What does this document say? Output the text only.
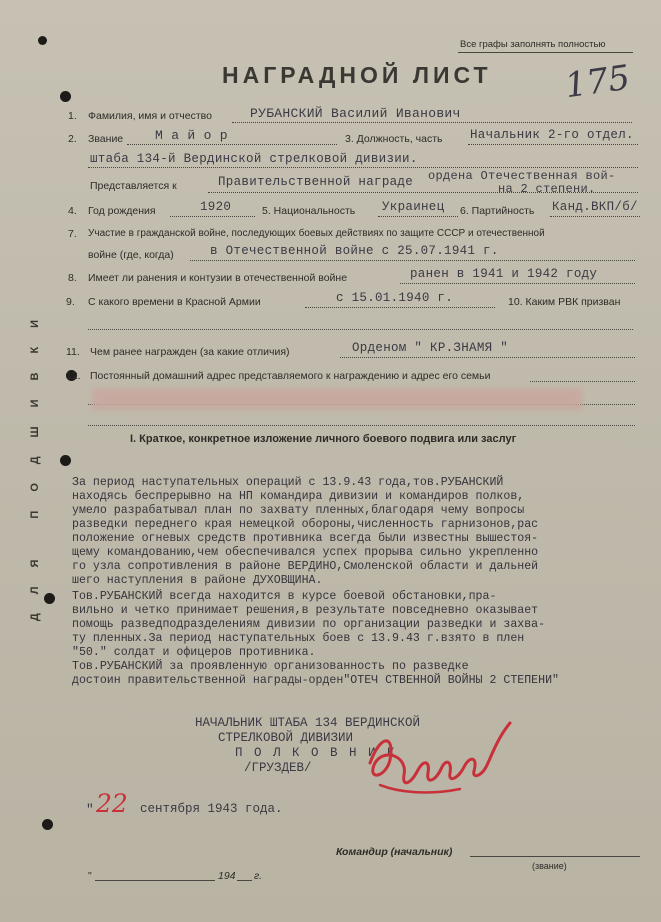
ДЛЯ ПОДШИВКИ
Все графы заполнять полностью
175
НАГРАДНОЙ ЛИСТ
1. Фамилия, имя и отчество	РУБАНСКИЙ Василий Иванович
2. Звание М а й о р	3. Должность, часть Начальник 2-го отдел.
штаба 134-й Вердинской стрелковой дивизии.
Представляется к	Правительственной награде ордена Отечественная вой-
на 2 степени.
4. Год рождения	1920	5. Национальность Украинец 6. Партийность Канд.ВКП/б/
7. Участие в гражданской войне, последующих боевых действиях по защите СССР и отечественной
войне (где, когда)	в Отечественной войне с 25.07.1941 г.
8. Имеет ли ранения и контузии в отечественной войне	ранен в 1941 и 1942 году
9. С какого времени в Красной Армии	с 15.01.1940 г.	10. Каким РВК призван
11. Чем ранее награжден (за какие отличия)	Орденом " КР.ЗНАМЯ "
12. Постоянный домашний адрес представляемого к награждению и адрес его семьи
I. Краткое, конкретное изложение личного боевого подвига или заслуг
За период наступательных операций с 13.9.43 года,тов.РУБАНСКИЙ
находясь беспрерывно на НП командира дивизии и командиров полков,
умело разрабатывал план по захвату пленных,благодаря чему вопросы
разведки переднего края немецкой обороны,численность гарнизонов,рас
положение огневых средств противника всегда были известны вышестоя-
щему командованию,чем обеспечивался успех прорыва сильно укрепленно
го узла сопротивления в районе ВЕРДИНО,Смоленской области и дальней
шего наступления в районе ДУХОВЩИНА.
Тов.РУБАНСКИЙ всегда находится в курсе боевой обстановки,пра-
вильно и четко принимает решения,в результате повседневно оказывает
помощь разведподразделениям дивизии по организации разведки и захва-
ту пленных.За период наступательных боев с 13.9.43 г.взято в плен
"50." солдат и офицеров противника.
Тов.РУБАНСКИЙ за проявленную организованность по разведке
достоин правительственной награды-орден"ОТЕЧ СТВЕННОЙ ВОЙНЫ 2 СТЕПЕНИ"
НАЧАЛЬНИК ШТАБА 134 ВЕРДИНСКОЙ
СТРЕЛКОВОЙ ДИВИЗИИ
П О Л К О В Н И К
/ГРУЗДЕВ/
" 22 сентября 1943 года.
Командир (начальник)
(звание)
"	194 г.
